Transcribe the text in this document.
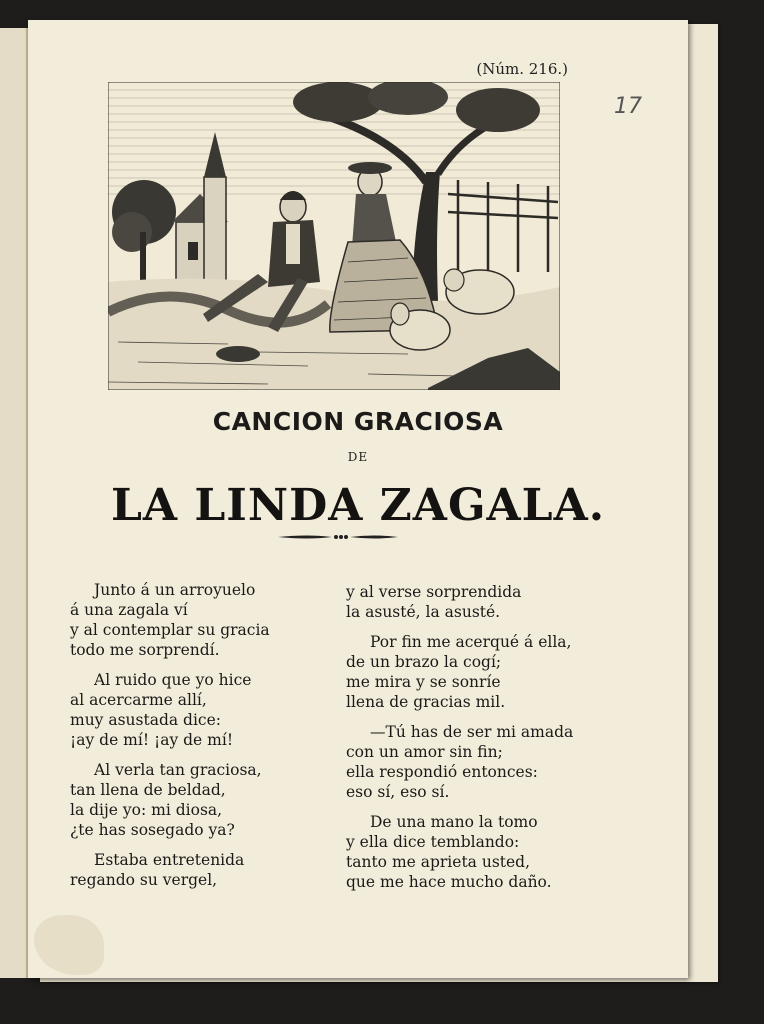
(Núm. 216.)
17
CANCION GRACIOSA
DE
LA LINDA ZAGALA.
Junto á un arroyuelo
á una zagala ví
y al contemplar su gracia
todo me sorprendí.
Al ruido que yo hice
al acercarme allí,
muy asustada dice:
¡ay de mí! ¡ay de mí!
Al verla tan graciosa,
tan llena de beldad,
la dije yo: mi diosa,
¿te has sosegado ya?
Estaba entretenida
regando su vergel,
y al verse sorprendida
la asusté, la asusté.
Por fin me acerqué á ella,
de un brazo la cogí;
me mira y se sonríe
llena de gracias mil.
—Tú has de ser mi amada
con un amor sin fin;
ella respondió entonces:
eso sí, eso sí.
De una mano la tomo
y ella dice temblando:
tanto me aprieta usted,
que me hace mucho daño.
